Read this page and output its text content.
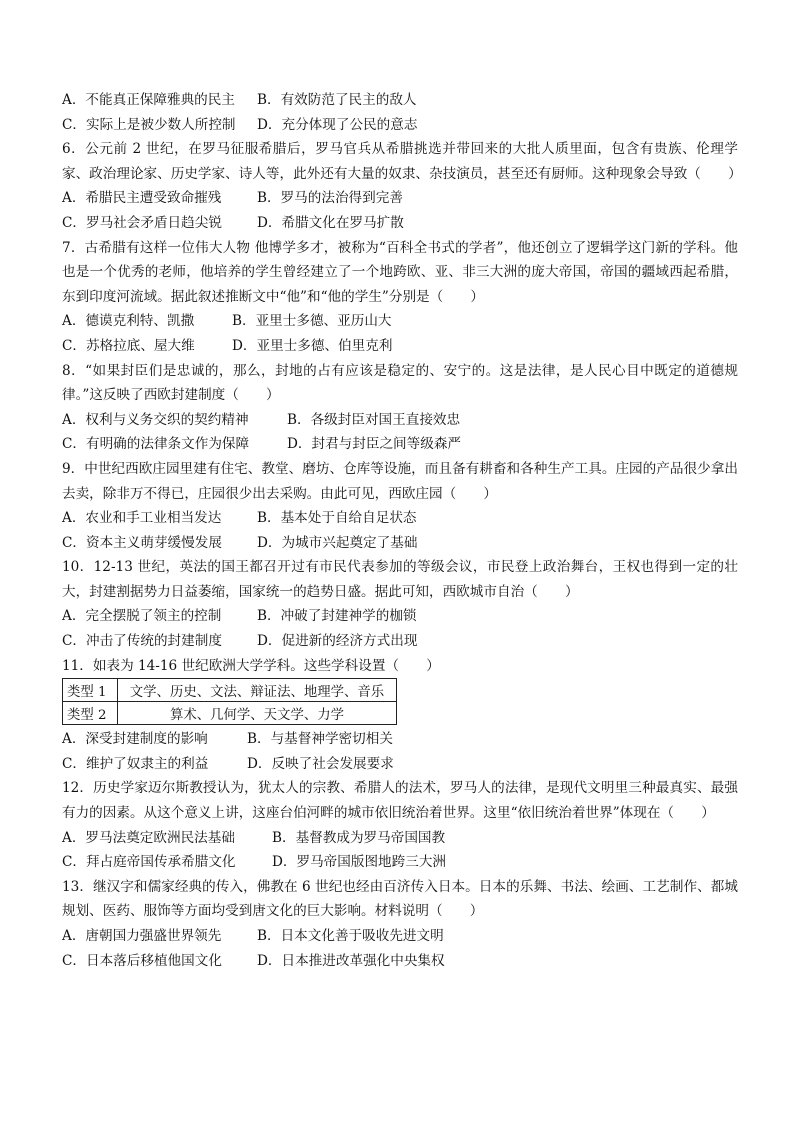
A．不能真正保障雅典的民主 B．有效防范了民主的敌人
C．实际上是被少数人所控制 D．充分体现了公民的意志
6．公元前 2 世纪，在罗马征服希腊后，罗马官兵从希腊挑选并带回来的大批人质里面，包含有贵族、伦理学家、政治理论家、历史学家、诗人等，此外还有大量的奴隶、杂技演员，甚至还有厨师。这种现象会导致（　　）
A．希腊民主遭受致命摧残	B．罗马的法治得到完善
C．罗马社会矛盾日趋尖锐	D．希腊文化在罗马扩散
7．古希腊有这样一位伟大人物 他博学多才，被称为“百科全书式的学者”，他还创立了逻辑学这门新的学科。他也是一个优秀的老师，他培养的学生曾经建立了一个地跨欧、亚、非三大洲的庞大帝国，帝国的疆域西起希腊，东到印度河流域。据此叙述推断文中“他”和“他的学生”分别是（　　）
A．德谟克利特、凯撒	B．亚里士多德、亚历山大
C．苏格拉底、屋大维	D．亚里士多德、伯里克利
8．“如果封臣们是忠诚的，那么，封地的占有应该是稳定的、安宁的。这是法律，是人民心目中既定的道德规律。”这反映了西欧封建制度（　　）
A．权利与义务交织的契约精神	B．各级封臣对国王直接效忠
C．有明确的法律条文作为保障	D．封君与封臣之间等级森严
9．中世纪西欧庄园里建有住宅、教堂、磨坊、仓库等设施，而且备有耕畜和各种生产工具。庄园的产品很少拿出去卖，除非万不得已，庄园很少出去采购。由此可见，西欧庄园（　　）
A．农业和手工业相当发达	B．基本处于自给自足状态
C．资本主义萌芽缓慢发展	D．为城市兴起奠定了基础
10．12-13 世纪，英法的国王都召开过有市民代表参加的等级会议，市民登上政治舞台，王权也得到一定的壮大，封建割据势力日益萎缩，国家统一的趋势日盛。据此可知，西欧城市自治（　　）
A．完全摆脱了领主的控制	B．冲破了封建神学的枷锁
C．冲击了传统的封建制度	D．促进新的经济方式出现
11．如表为 14-16 世纪欧洲大学学科。这些学科设置（　　）
类型 1	文学、历史、文法、辩证法、地理学、音乐
类型 2	算术、几何学、天文学、力学
A．深受封建制度的影响	B．与基督神学密切相关
C．维护了奴隶主的利益	D．反映了社会发展要求
12．历史学家迈尔斯教授认为，犹太人的宗教、希腊人的法术，罗马人的法律，是现代文明里三种最真实、最强有力的因素。从这个意义上讲，这座台伯河畔的城市依旧统治着世界。这里“依旧统治着世界”体现在（　　）
A．罗马法奠定欧洲民法基础	B．基督教成为罗马帝国国教
C．拜占庭帝国传承希腊文化	D．罗马帝国版图地跨三大洲
13．继汉字和儒家经典的传入，佛教在 6 世纪也经由百济传入日本。日本的乐舞、书法、绘画、工艺制作、都城规划、医药、服饰等方面均受到唐文化的巨大影响。材料说明（　　）
A．唐朝国力强盛世界领先	B．日本文化善于吸收先进文明
C．日本落后移植他国文化	D．日本推进改革强化中央集权
